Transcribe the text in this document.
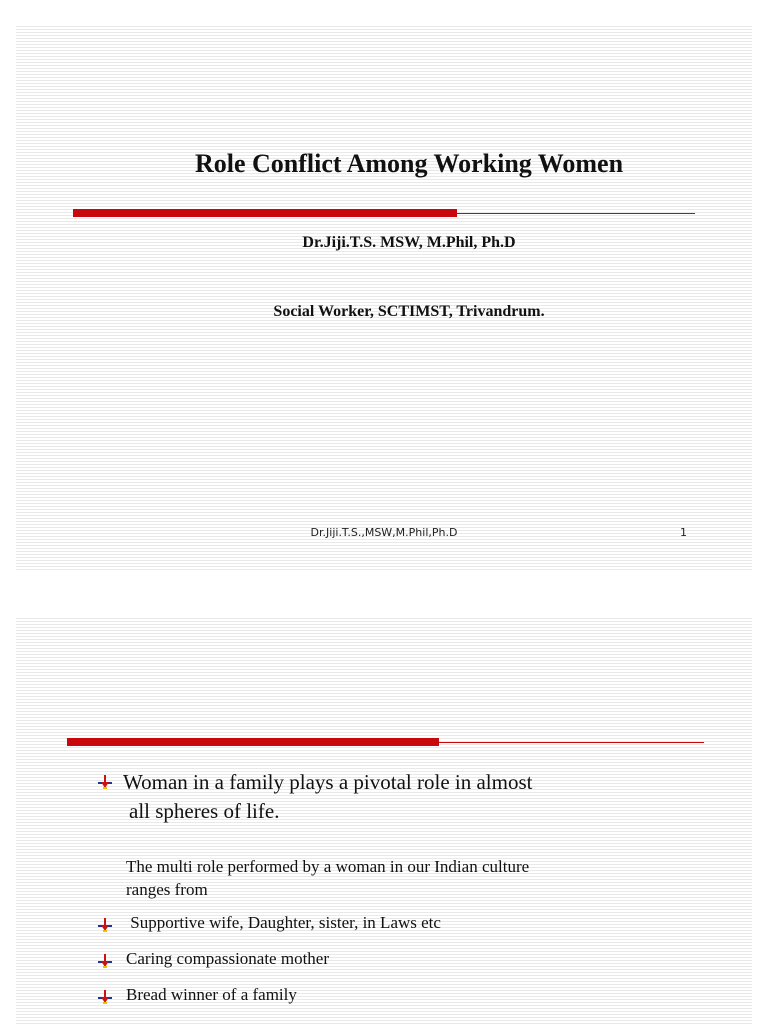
Role Conflict Among Working Women
Dr.Jiji.T.S. MSW, M.Phil, Ph.D
Social Worker, SCTIMST, Trivandrum.
Dr.Jiji.T.S.,MSW,M.Phil,Ph.D	1
Woman in a family plays a pivotal role in almost
all spheres of life.
The multi role performed by a woman in our Indian culture
ranges from
Supportive wife, Daughter, sister, in Laws etc
Caring compassionate mother
Bread winner of a family
